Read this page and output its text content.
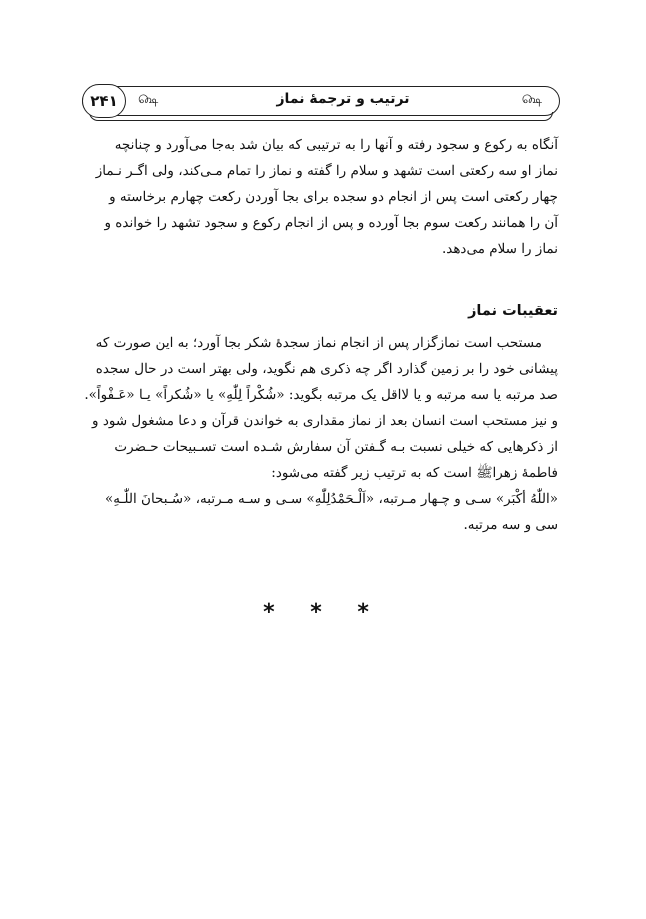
௸
ترتیب و ترجمهٔ نماز
௸
۲۴۱
آنگاه به رکوع و سجود رفته و آنها را به ترتیبی که بیان شد به‌جا می‌آورد و چنانچه
نماز او سه رکعتی است تشهد و سلام را گفته و نماز را تمام مـی‌کند، ولی اگـر نـماز
چهار رکعتی است پس از انجام دو سجده برای بجا آوردن رکعت چهارم برخاسته و
آن را همانند رکعت سوم بجا آورده و پس از انجام رکوع و سجود تشهد را خوانده و
نماز را سلام می‌دهد.
تعقیبات نماز
مستحب است نمازگزار پس از انجام نماز سجدهٔ شکر بجا آورد؛ به این صورت که
پیشانی خود را بر زمین گذارد اگر چه ذکری هم نگوید، ولی بهتر است در حال سجده
صد مرتبه یا سه مرتبه و یا لااقل یک مرتبه بگوید: «شُکْراً لِلّٰهِ» یا «شُکراً» یـا «عَـفْواً».
و نیز مستحب است انسان بعد از نماز مقداری به خواندن قرآن و دعا مشغول شود و
از ذکرهایی که خیلی نسبت بـه گـفتن آن سفارش شـده است تسـبیحات حـضرت
فاطمهٔ زهراﷺ است که به ترتیب زیر گفته می‌شود:
«اللّٰهُ أکْبَر» سـی و چـهار مـرتبه، «اَلْـحَمْدُلِلّٰهِ» سـی و سـه مـرتبه، «سُـبحانَ اللّٰـهِ»
سی و سه مرتبه.
* * *
